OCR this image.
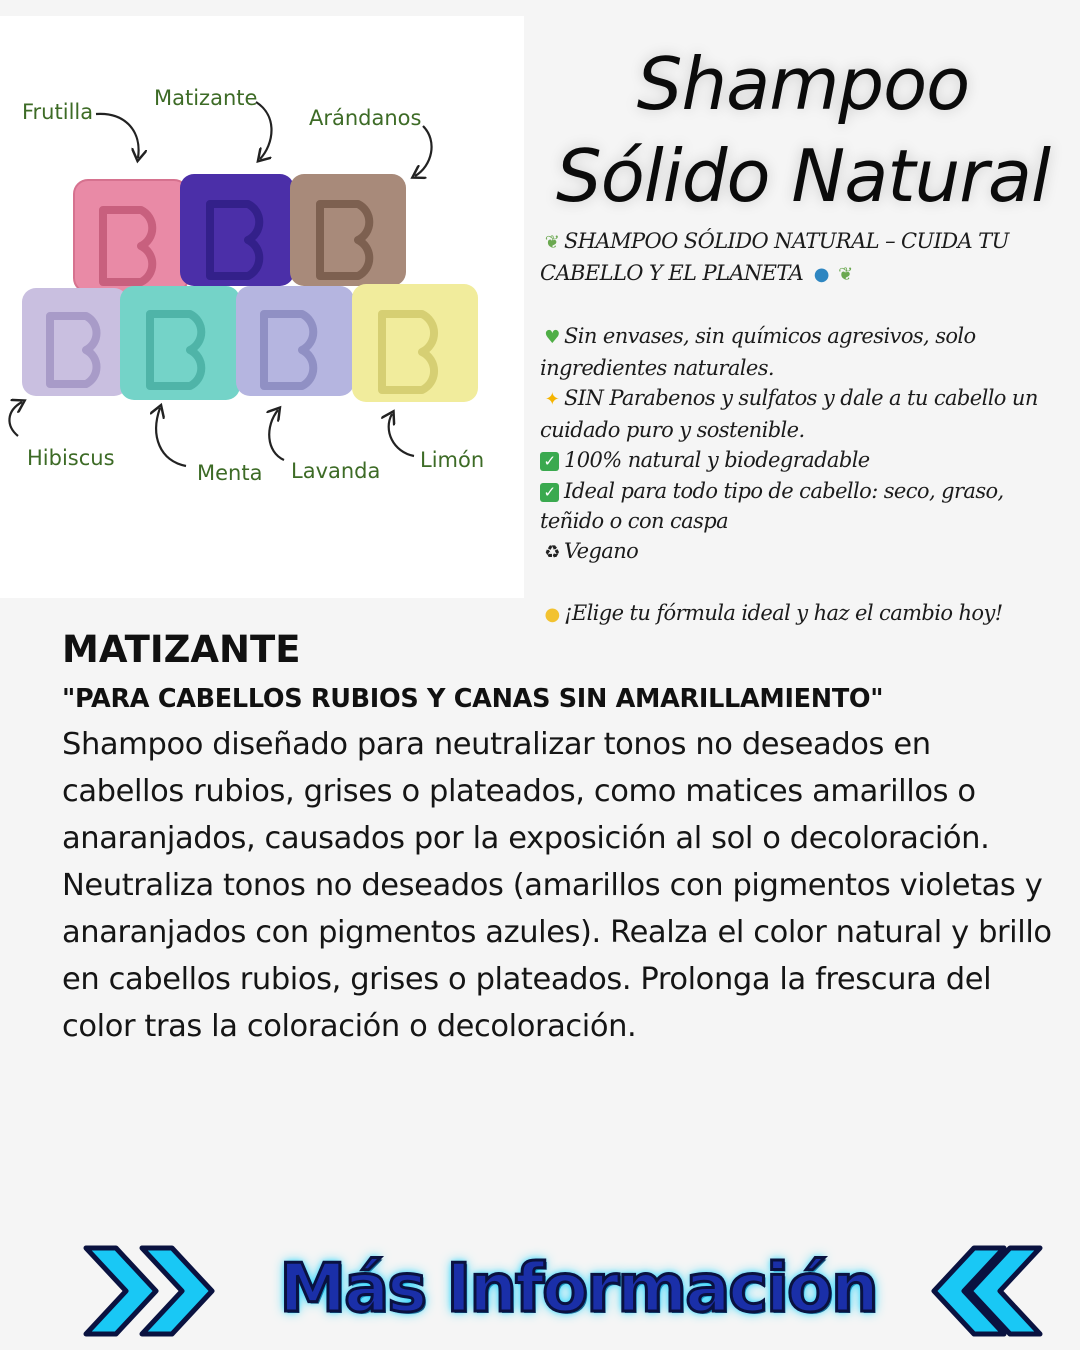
Frutilla
Matizante
Arándanos
Hibiscus
Menta Lavanda Limón
Shampoo Sólido Natural
❦ SHAMPOO SÓLIDO NATURAL – CUIDA TU CABELLO Y EL PLANETA ● ❦
♥ Sin envases, sin químicos agresivos, solo ingredientes naturales.
✦ SIN Parabenos y sulfatos y dale a tu cabello un cuidado puro y sostenible.
✓ 100% natural y biodegradable
✓ Ideal para todo tipo de cabello: seco, graso, teñido o con caspa
♻ Vegano
● ¡Elige tu fórmula ideal y haz el cambio hoy!
MATIZANTE

"PARA CABELLOS RUBIOS Y CANAS SIN AMARILLAMIENTO"

Shampoo diseñado para neutralizar tonos no deseados en cabellos rubios, grises o plateados, como matices amarillos o anaranjados, causados por la exposición al sol o decoloración.
Neutraliza tonos no deseados (amarillos con pigmentos violetas y anaranjados con pigmentos azules). Realza el color natural y brillo en cabellos rubios, grises o plateados. Prolonga la frescura del color tras la coloración o decoloración.
Más Información
